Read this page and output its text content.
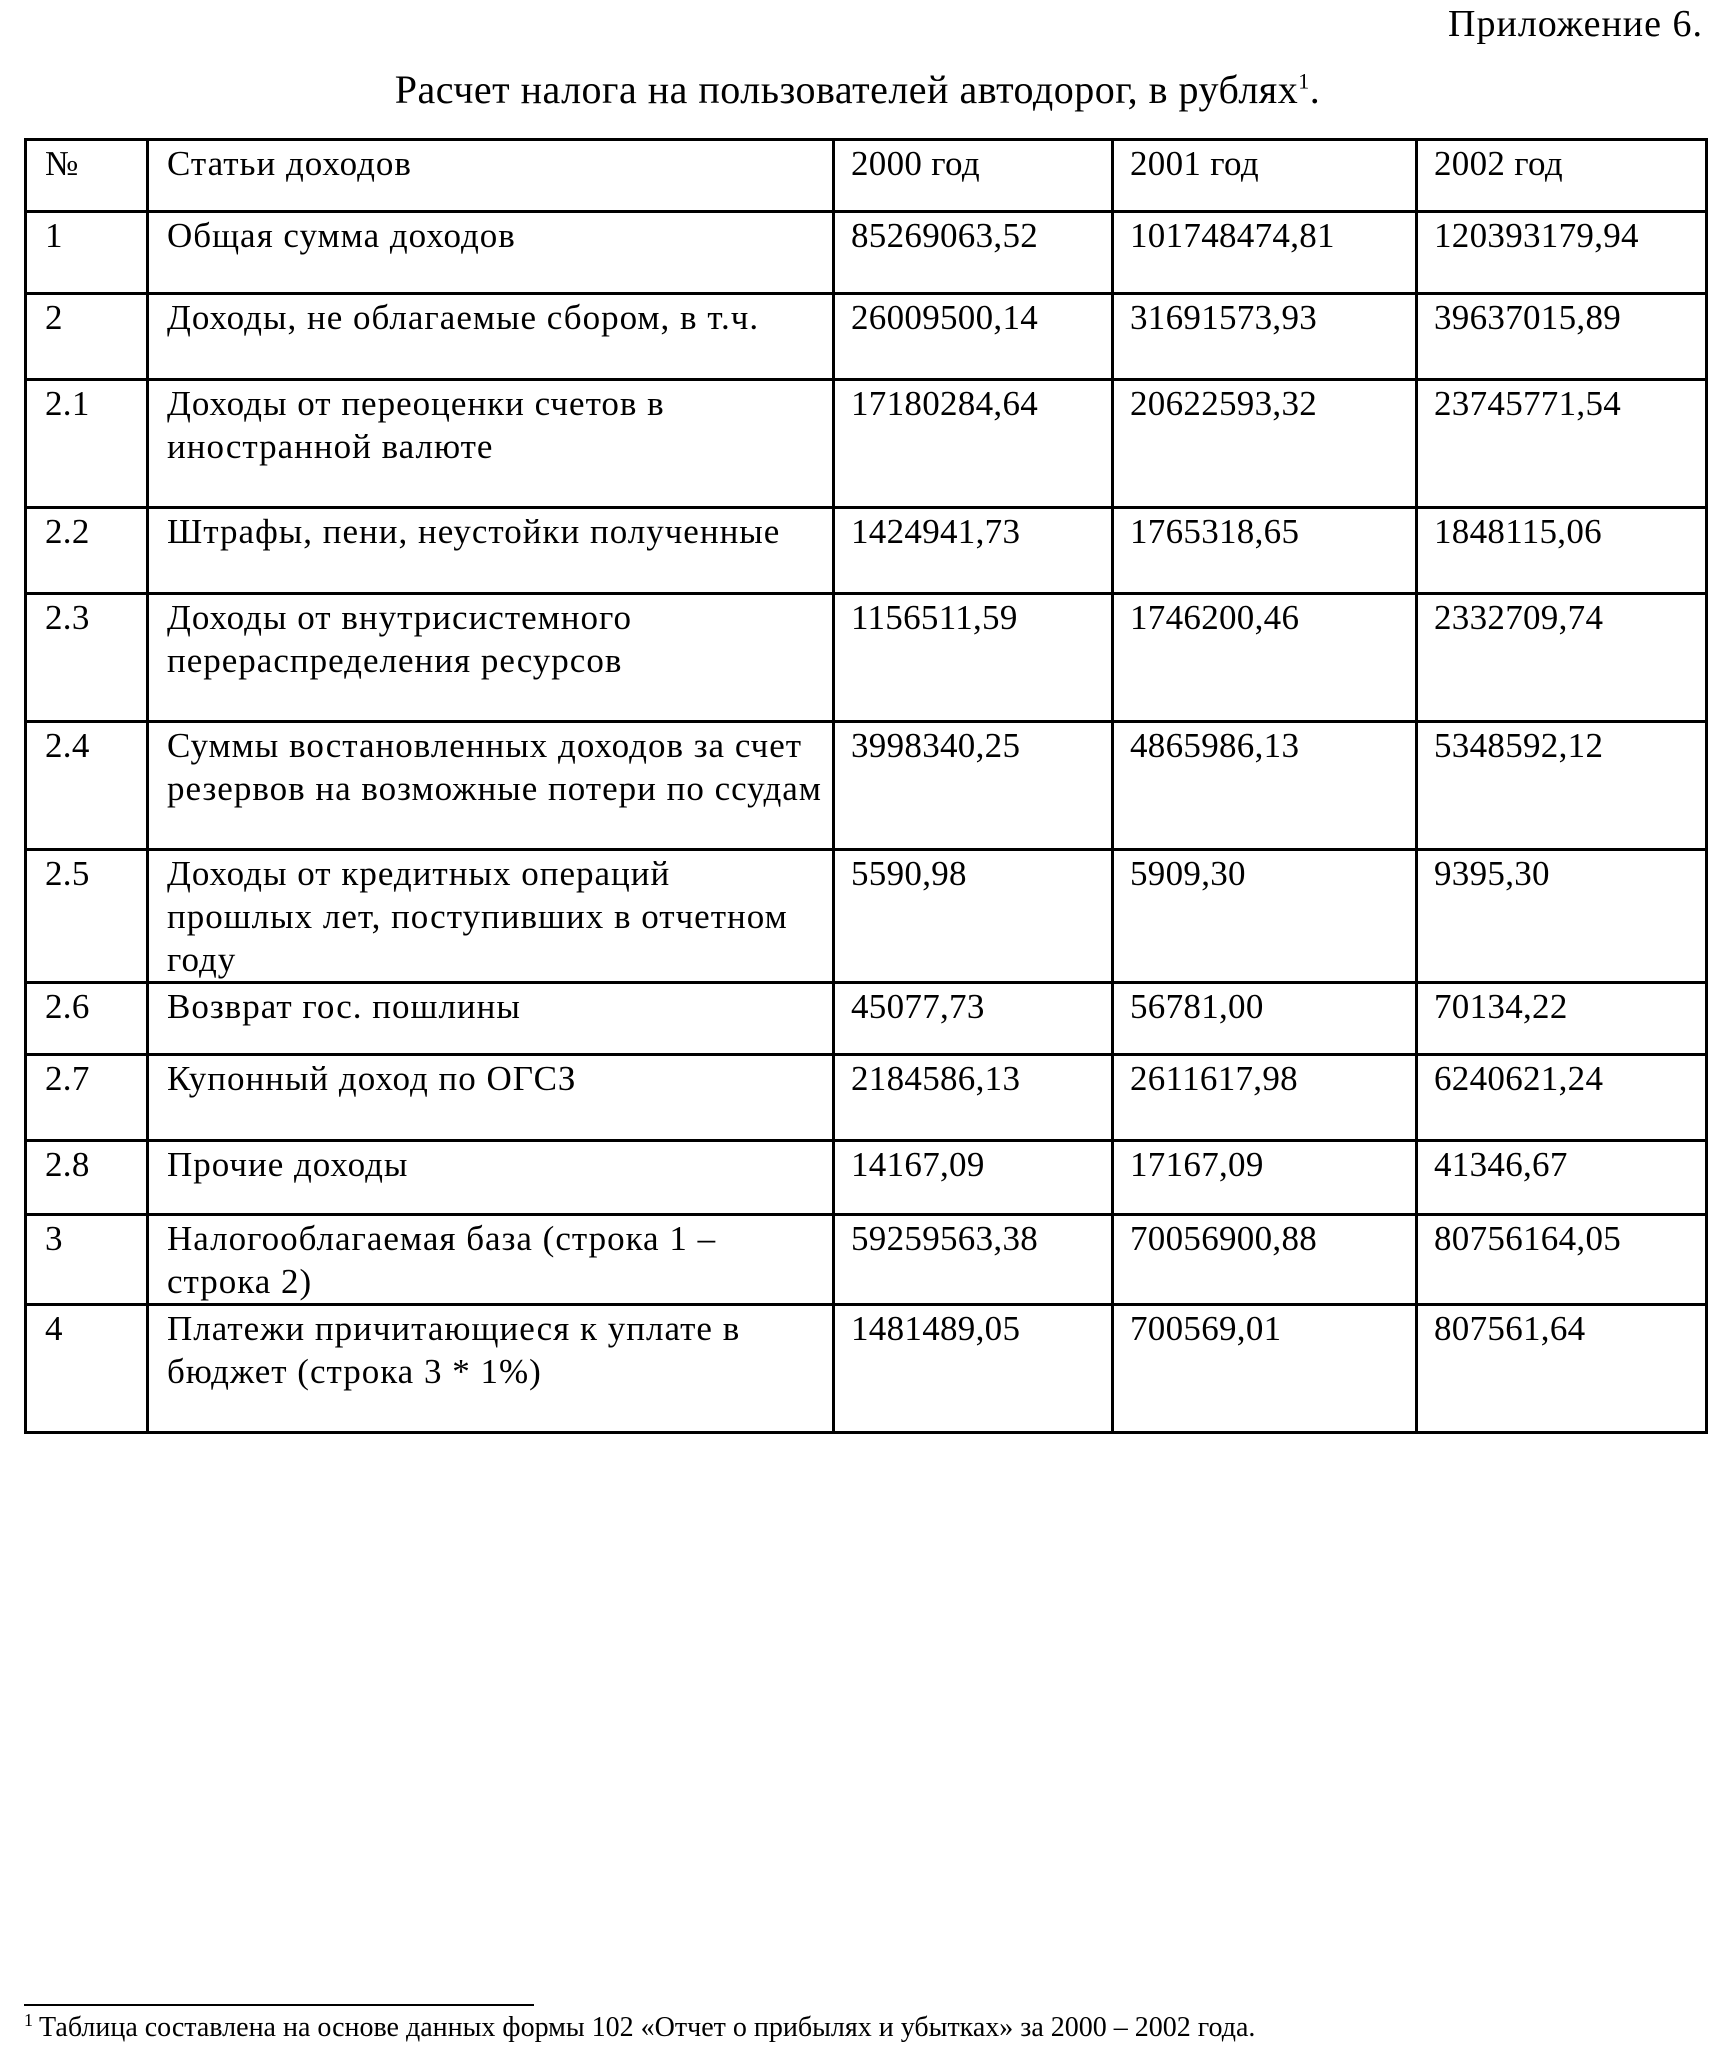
Приложение 6.
Расчет налога на пользователей автодорог, в рублях$^1$.
№	Статьи доходов	2000 год	2001 год	2002 год
1	Общая сумма доходов	85269063,52	101748474,81	120393179,94
2	Доходы, не облагаемые сбором, в т.ч.	26009500,14	31691573,93	39637015,89
2.1	Доходы от переоценки счетов в иностранной валюте	17180284,64	20622593,32	23745771,54
2.2	Штрафы, пени, неустойки полученные	1424941,73	1765318,65	1848115,06
2.3	Доходы от внутрисистемного перераспределения ресурсов	1156511,59	1746200,46	2332709,74
2.4	Суммы востановленных доходов за счет резервов на возможные потери по ссудам	3998340,25	4865986,13	5348592,12
2.5	Доходы от кредитных операций прошлых лет, поступивших в отчетном году	5590,98	5909,30	9395,30
2.6	Возврат гос. пошлины	45077,73	56781,00	70134,22
2.7	Купонный доход по ОГСЗ	2184586,13	2611617,98	6240621,24
2.8	Прочие доходы	14167,09	17167,09	41346,67
3	Налогооблагаемая база (строка 1 – строка 2)	59259563,38	70056900,88	80756164,05
4	Платежи причитающиеся к уплате в бюджет (строка 3 * 1%)	1481489,05	700569,01	807561,64
$^1$ Таблица составлена на основе данных формы 102 «Отчет о прибылях и убытках» за 2000 – 2002 года.
